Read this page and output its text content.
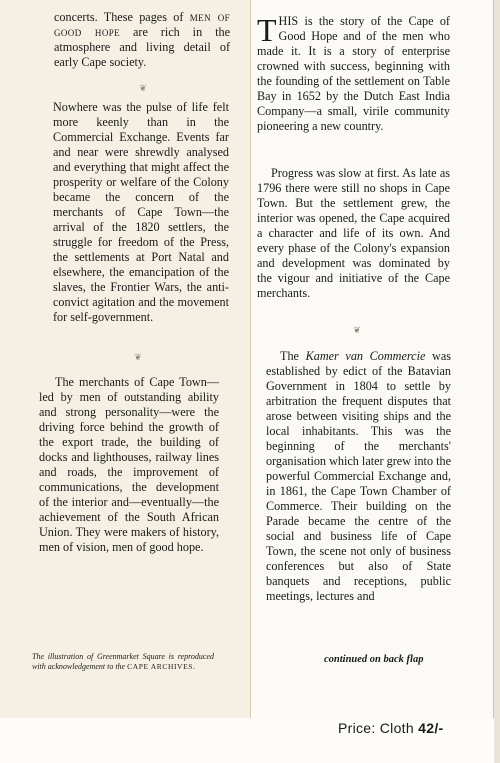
concerts. These pages of men of good hope are rich in the atmosphere and living detail of early Cape society.

❦

Nowhere was the pulse of life felt more keenly than in the Commercial Exchange. Events far and near were shrewdly analysed and everything that might affect the prosperity or welfare of the Colony became the concern of the merchants of Cape Town—the arrival of the 1820 settlers, the struggle for freedom of the Press, the settlements at Port Natal and elsewhere, the emancipation of the slaves, the Frontier Wars, the anti-convict agitation and the movement for self-government.

❦

The merchants of Cape Town—led by men of outstanding ability and strong personality—were the driving force behind the growth of the export trade, the building of docks and lighthouses, railway lines and roads, the improvement of communications, the development of the interior and—eventually—the achievement of the South African Union. They were makers of history, men of vision, men of good hope.

The illustration of Greenmarket Square is reproduced with acknowledgement to the CAPE ARCHIVES.

THIS is the story of the Cape of Good Hope and of the men who made it. It is a story of enterprise crowned with success, beginning with the founding of the settlement on Table Bay in 1652 by the Dutch East India Company—a small, virile community pioneering a new country.

Progress was slow at first. As late as 1796 there were still no shops in Cape Town. But the settlement grew, the interior was opened, the Cape acquired a character and life of its own. And every phase of the Colony's expansion and development was dominated by the vigour and initiative of the Cape merchants.

❦

The Kamer van Commercie was established by edict of the Batavian Government in 1804 to settle by arbitration the frequent disputes that arose between visiting ships and the local inhabitants. This was the beginning of the merchants' organisation which later grew into the powerful Commercial Exchange and, in 1861, the Cape Town Chamber of Commerce. Their building on the Parade became the centre of the social and business life of Cape Town, the scene not only of business conferences but also of State banquets and receptions, public meetings, lectures and

continued on back flap
Price: Cloth 42/-
